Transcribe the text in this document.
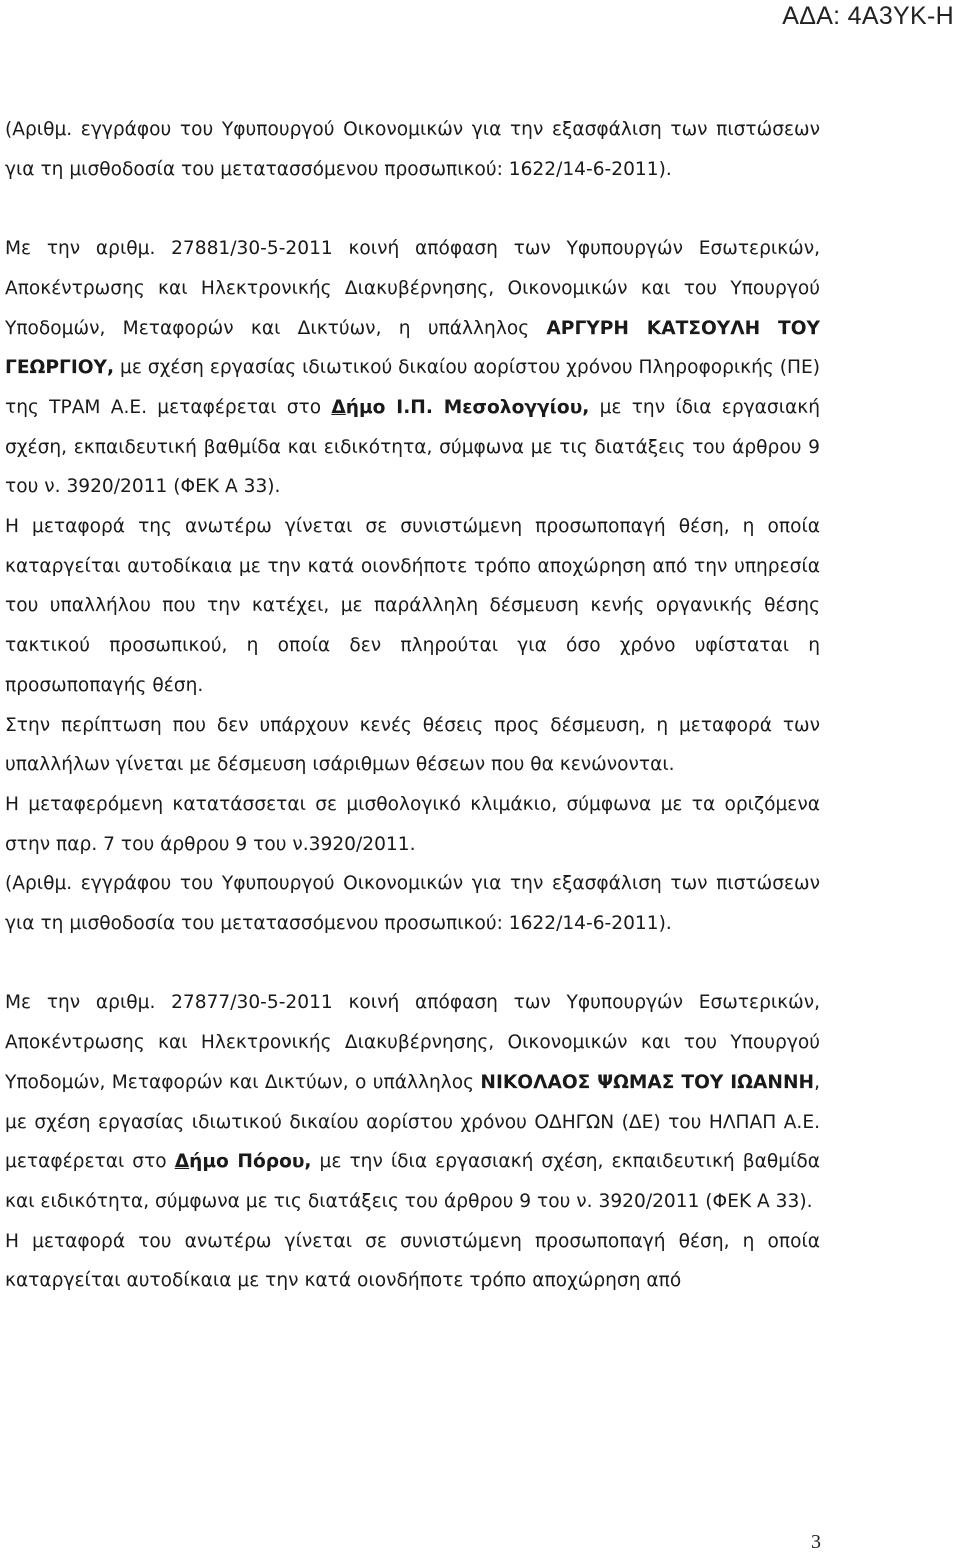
ΑΔΑ: 4Α3ΥΚ-Η

(Αριθμ. εγγράφου του Υφυπουργού Οικονομικών για την εξασφάλιση των πιστώσεων για τη μισθοδοσία του μετατασσόμενου προσωπικού: 1622/14-6-2011).

Με την αριθμ. 27881/30-5-2011 κοινή απόφαση των Υφυπουργών Εσωτερικών, Αποκέντρωσης και Ηλεκτρονικής Διακυβέρνησης, Οικονομικών και του Υπουργού Υποδομών, Μεταφορών και Δικτύων, η υπάλληλος ΑΡΓΥΡΗ ΚΑΤΣΟΥΛΗ ΤΟΥ ΓΕΩΡΓΙΟΥ, με σχέση εργασίας ιδιωτικού δικαίου αορίστου χρόνου Πληροφορικής (ΠΕ) της ΤΡΑΜ Α.Ε. μεταφέρεται στο Δήμο Ι.Π. Μεσολογγίου, με την ίδια εργασιακή σχέση, εκπαιδευτική βαθμίδα και ειδικότητα, σύμφωνα με τις διατάξεις του άρθρου 9 του ν. 3920/2011 (ΦΕΚ Α 33).

Η μεταφορά της ανωτέρω γίνεται σε συνιστώμενη προσωποπαγή θέση, η οποία καταργείται αυτοδίκαια με την κατά οιονδήποτε τρόπο αποχώρηση από την υπηρεσία του υπαλλήλου που την κατέχει, με παράλληλη δέσμευση κενής οργανικής θέσης τακτικού προσωπικού, η οποία δεν πληρούται για όσο χρόνο υφίσταται η προσωποπαγής θέση.

Στην περίπτωση που δεν υπάρχουν κενές θέσεις προς δέσμευση, η μεταφορά των υπαλλήλων γίνεται με δέσμευση ισάριθμων θέσεων που θα κενώνονται.

Η μεταφερόμενη κατατάσσεται σε μισθολογικό κλιμάκιο, σύμφωνα με τα οριζόμενα στην παρ. 7 του άρθρου 9 του ν.3920/2011.

(Αριθμ. εγγράφου του Υφυπουργού Οικονομικών για την εξασφάλιση των πιστώσεων για τη μισθοδοσία του μετατασσόμενου προσωπικού: 1622/14-6-2011).

Με την αριθμ. 27877/30-5-2011 κοινή απόφαση των Υφυπουργών Εσωτερικών, Αποκέντρωσης και Ηλεκτρονικής Διακυβέρνησης, Οικονομικών και του Υπουργού Υποδομών, Μεταφορών και Δικτύων, ο υπάλληλος ΝΙΚΟΛΑΟΣ ΨΩΜΑΣ ΤΟΥ ΙΩΑΝΝΗ, με σχέση εργασίας ιδιωτικού δικαίου αορίστου χρόνου ΟΔΗΓΩΝ (ΔΕ) του ΗΛΠΑΠ Α.Ε. μεταφέρεται στο Δήμο Πόρου, με την ίδια εργασιακή σχέση, εκπαιδευτική βαθμίδα και ειδικότητα, σύμφωνα με τις διατάξεις του άρθρου 9 του ν. 3920/2011 (ΦΕΚ Α 33).

Η μεταφορά του ανωτέρω γίνεται σε συνιστώμενη προσωποπαγή θέση, η οποία καταργείται αυτοδίκαια με την κατά οιονδήποτε τρόπο αποχώρηση από

3
